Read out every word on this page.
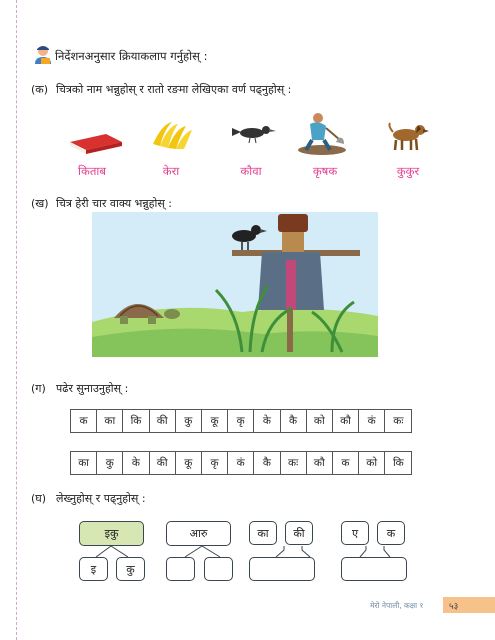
निर्देशनअनुसार क्रियाकलाप गर्नुहोस् :
(क) चित्रको नाम भन्नुहोस् र रातो रङमा लेखिएका वर्ण पढ्नुहोस् :
किताब	केरा	कौवा	कृषक	कुकुर
(ख) चित्र हेरी चार वाक्य भन्नुहोस् :
(ग) पढेर सुनाउनुहोस् :
क	का	कि	की	कु	कू	कृ	के	कै	को	कौ	कं	कः
का	कु	के	की	कू	कृ	कं	कै	कः	कौ	क	को	कि
(घ) लेख्नुहोस् र पढ्नुहोस् :
इकु
इ	कु
आरु	का	की	ए	क
मेरो नेपाली, कक्षा १	५३
